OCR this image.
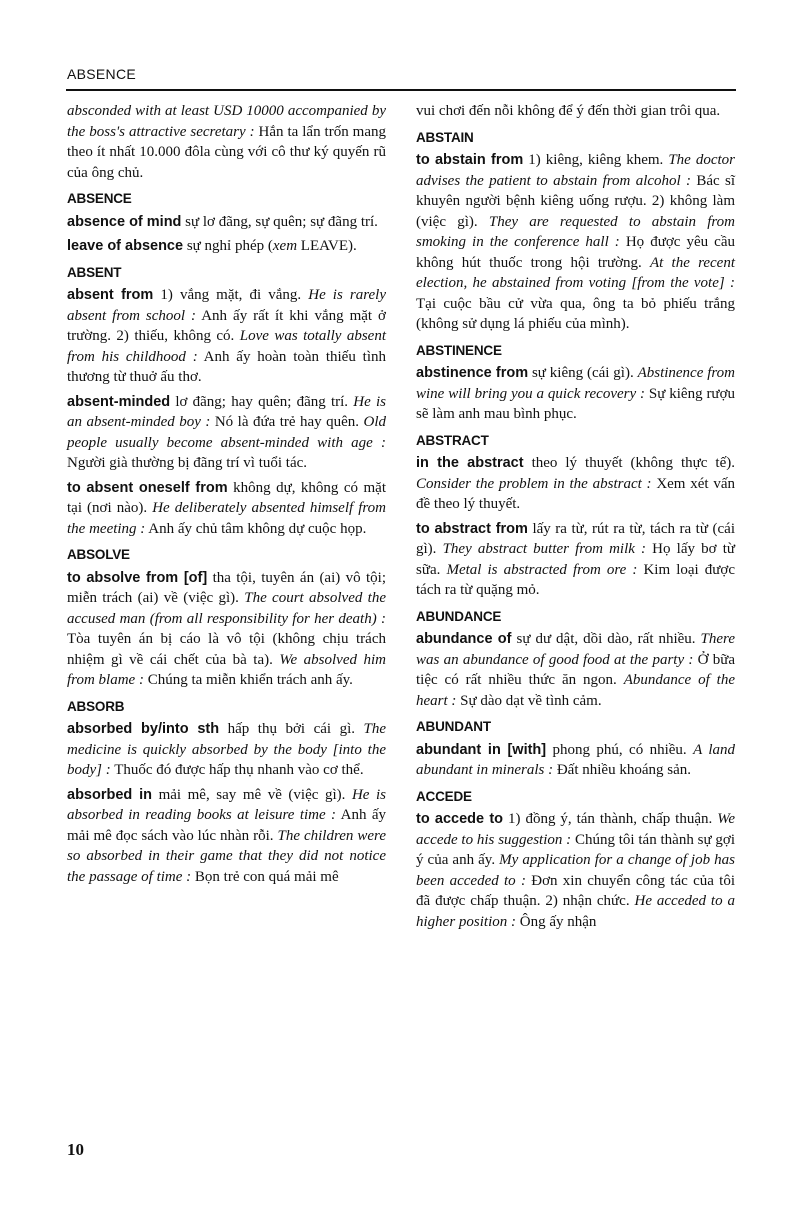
ABSENCE

absconded with at least USD 10000 accompanied by the boss's attractive secretary : Hắn ta lẩn trốn mang theo ít nhất 10.000 đôla cùng với cô thư ký quyến rũ của ông chủ.

ABSENCE

absence of mind sự lơ đãng, sự quên; sự đãng trí.

leave of absence sự nghỉ phép (xem LEAVE).

ABSENT

absent from 1) vắng mặt, đi vắng. He is rarely absent from school : Anh ấy rất ít khi vắng mặt ở trường. 2) thiếu, không có. Love was totally absent from his childhood : Anh ấy hoàn toàn thiếu tình thương từ thuở ấu thơ.

absent-minded lơ đãng; hay quên; đãng trí. He is an absent-minded boy : Nó là đứa trẻ hay quên. Old people usually become absent-minded with age : Người già thường bị đãng trí vì tuổi tác.

to absent oneself from không dự, không có mặt tại (nơi nào). He deliberately absented himself from the meeting : Anh ấy chủ tâm không dự cuộc họp.

ABSOLVE

to absolve from [of] tha tội, tuyên án (ai) vô tội; miễn trách (ai) về (việc gì). The court absolved the accused man (from all responsibility for her death) : Tòa tuyên án bị cáo là vô tội (không chịu trách nhiệm gì về cái chết của bà ta). We absolved him from blame : Chúng ta miễn khiển trách anh ấy.

ABSORB

absorbed by/into sth hấp thụ bởi cái gì. The medicine is quickly absorbed by the body [into the body] : Thuốc đó được hấp thụ nhanh vào cơ thể.

absorbed in mải mê, say mê về (việc gì). He is absorbed in reading books at leisure time : Anh ấy mải mê đọc sách vào lúc nhàn rỗi. The children were so absorbed in their game that they did not notice the passage of time : Bọn trẻ con quá mải mê

vui chơi đến nỗi không để ý đến thời gian trôi qua.

ABSTAIN

to abstain from 1) kiêng, kiêng khem. The doctor advises the patient to abstain from alcohol : Bác sĩ khuyên người bệnh kiêng uống rượu. 2) không làm (việc gì). They are requested to abstain from smoking in the conference hall : Họ được yêu cầu không hút thuốc trong hội trường. At the recent election, he abstained from voting [from the vote] : Tại cuộc bầu cử vừa qua, ông ta bỏ phiếu trắng (không sử dụng lá phiếu của mình).

ABSTINENCE

abstinence from sự kiêng (cái gì). Abstinence from wine will bring you a quick recovery : Sự kiêng rượu sẽ làm anh mau bình phục.

ABSTRACT

in the abstract theo lý thuyết (không thực tế). Consider the problem in the abstract : Xem xét vấn đề theo lý thuyết.

to abstract from lấy ra từ, rút ra từ, tách ra từ (cái gì). They abstract butter from milk : Họ lấy bơ từ sữa. Metal is abstracted from ore : Kim loại được tách ra từ quặng mỏ.

ABUNDANCE

abundance of sự dư dật, dồi dào, rất nhiều. There was an abundance of good food at the party : Ở bữa tiệc có rất nhiều thức ăn ngon. Abundance of the heart : Sự dào dạt về tình cảm.

ABUNDANT

abundant in [with] phong phú, có nhiều. A land abundant in minerals : Đất nhiều khoáng sản.

ACCEDE

to accede to 1) đồng ý, tán thành, chấp thuận. We accede to his suggestion : Chúng tôi tán thành sự gợi ý của anh ấy. My application for a change of job has been acceded to : Đơn xin chuyển công tác của tôi đã được chấp thuận. 2) nhận chức. He acceded to a higher position : Ông ấy nhận

10
